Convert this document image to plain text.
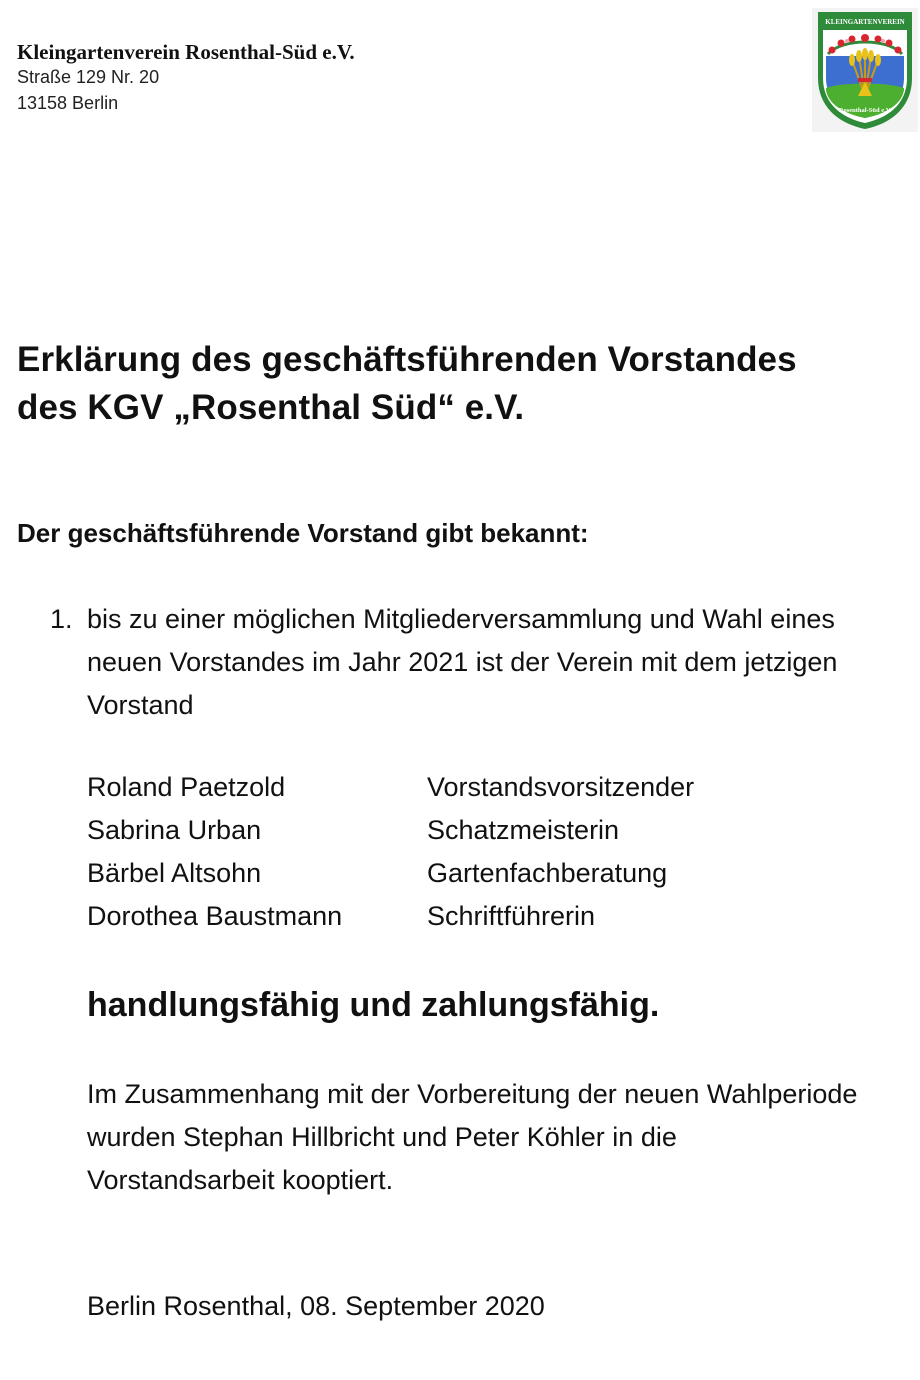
Kleingartenverein Rosenthal-Süd e.V.
Straße 129 Nr. 20
13158 Berlin
KLEINGARTENVEREIN
Rosenthal-Süd e.V.
Erklärung des geschäftsführenden Vorstandes
des KGV „Rosenthal Süd“ e.V.
Der geschäftsführende Vorstand gibt bekannt:
1. bis zu einer möglichen Mitgliederversammlung und Wahl eines neuen Vorstandes im Jahr 2021 ist der Verein mit dem jetzigen Vorstand
Roland Paetzold	Vorstandsvorsitzender
Sabrina Urban	Schatzmeisterin
Bärbel Altsohn	Gartenfachberatung
Dorothea Baustmann	Schriftführerin
handlungsfähig und zahlungsfähig.
Im Zusammenhang mit der Vorbereitung der neuen Wahlperiode wurden Stephan Hillbricht und Peter Köhler in die Vorstandsarbeit kooptiert.
Berlin Rosenthal, 08. September 2020
